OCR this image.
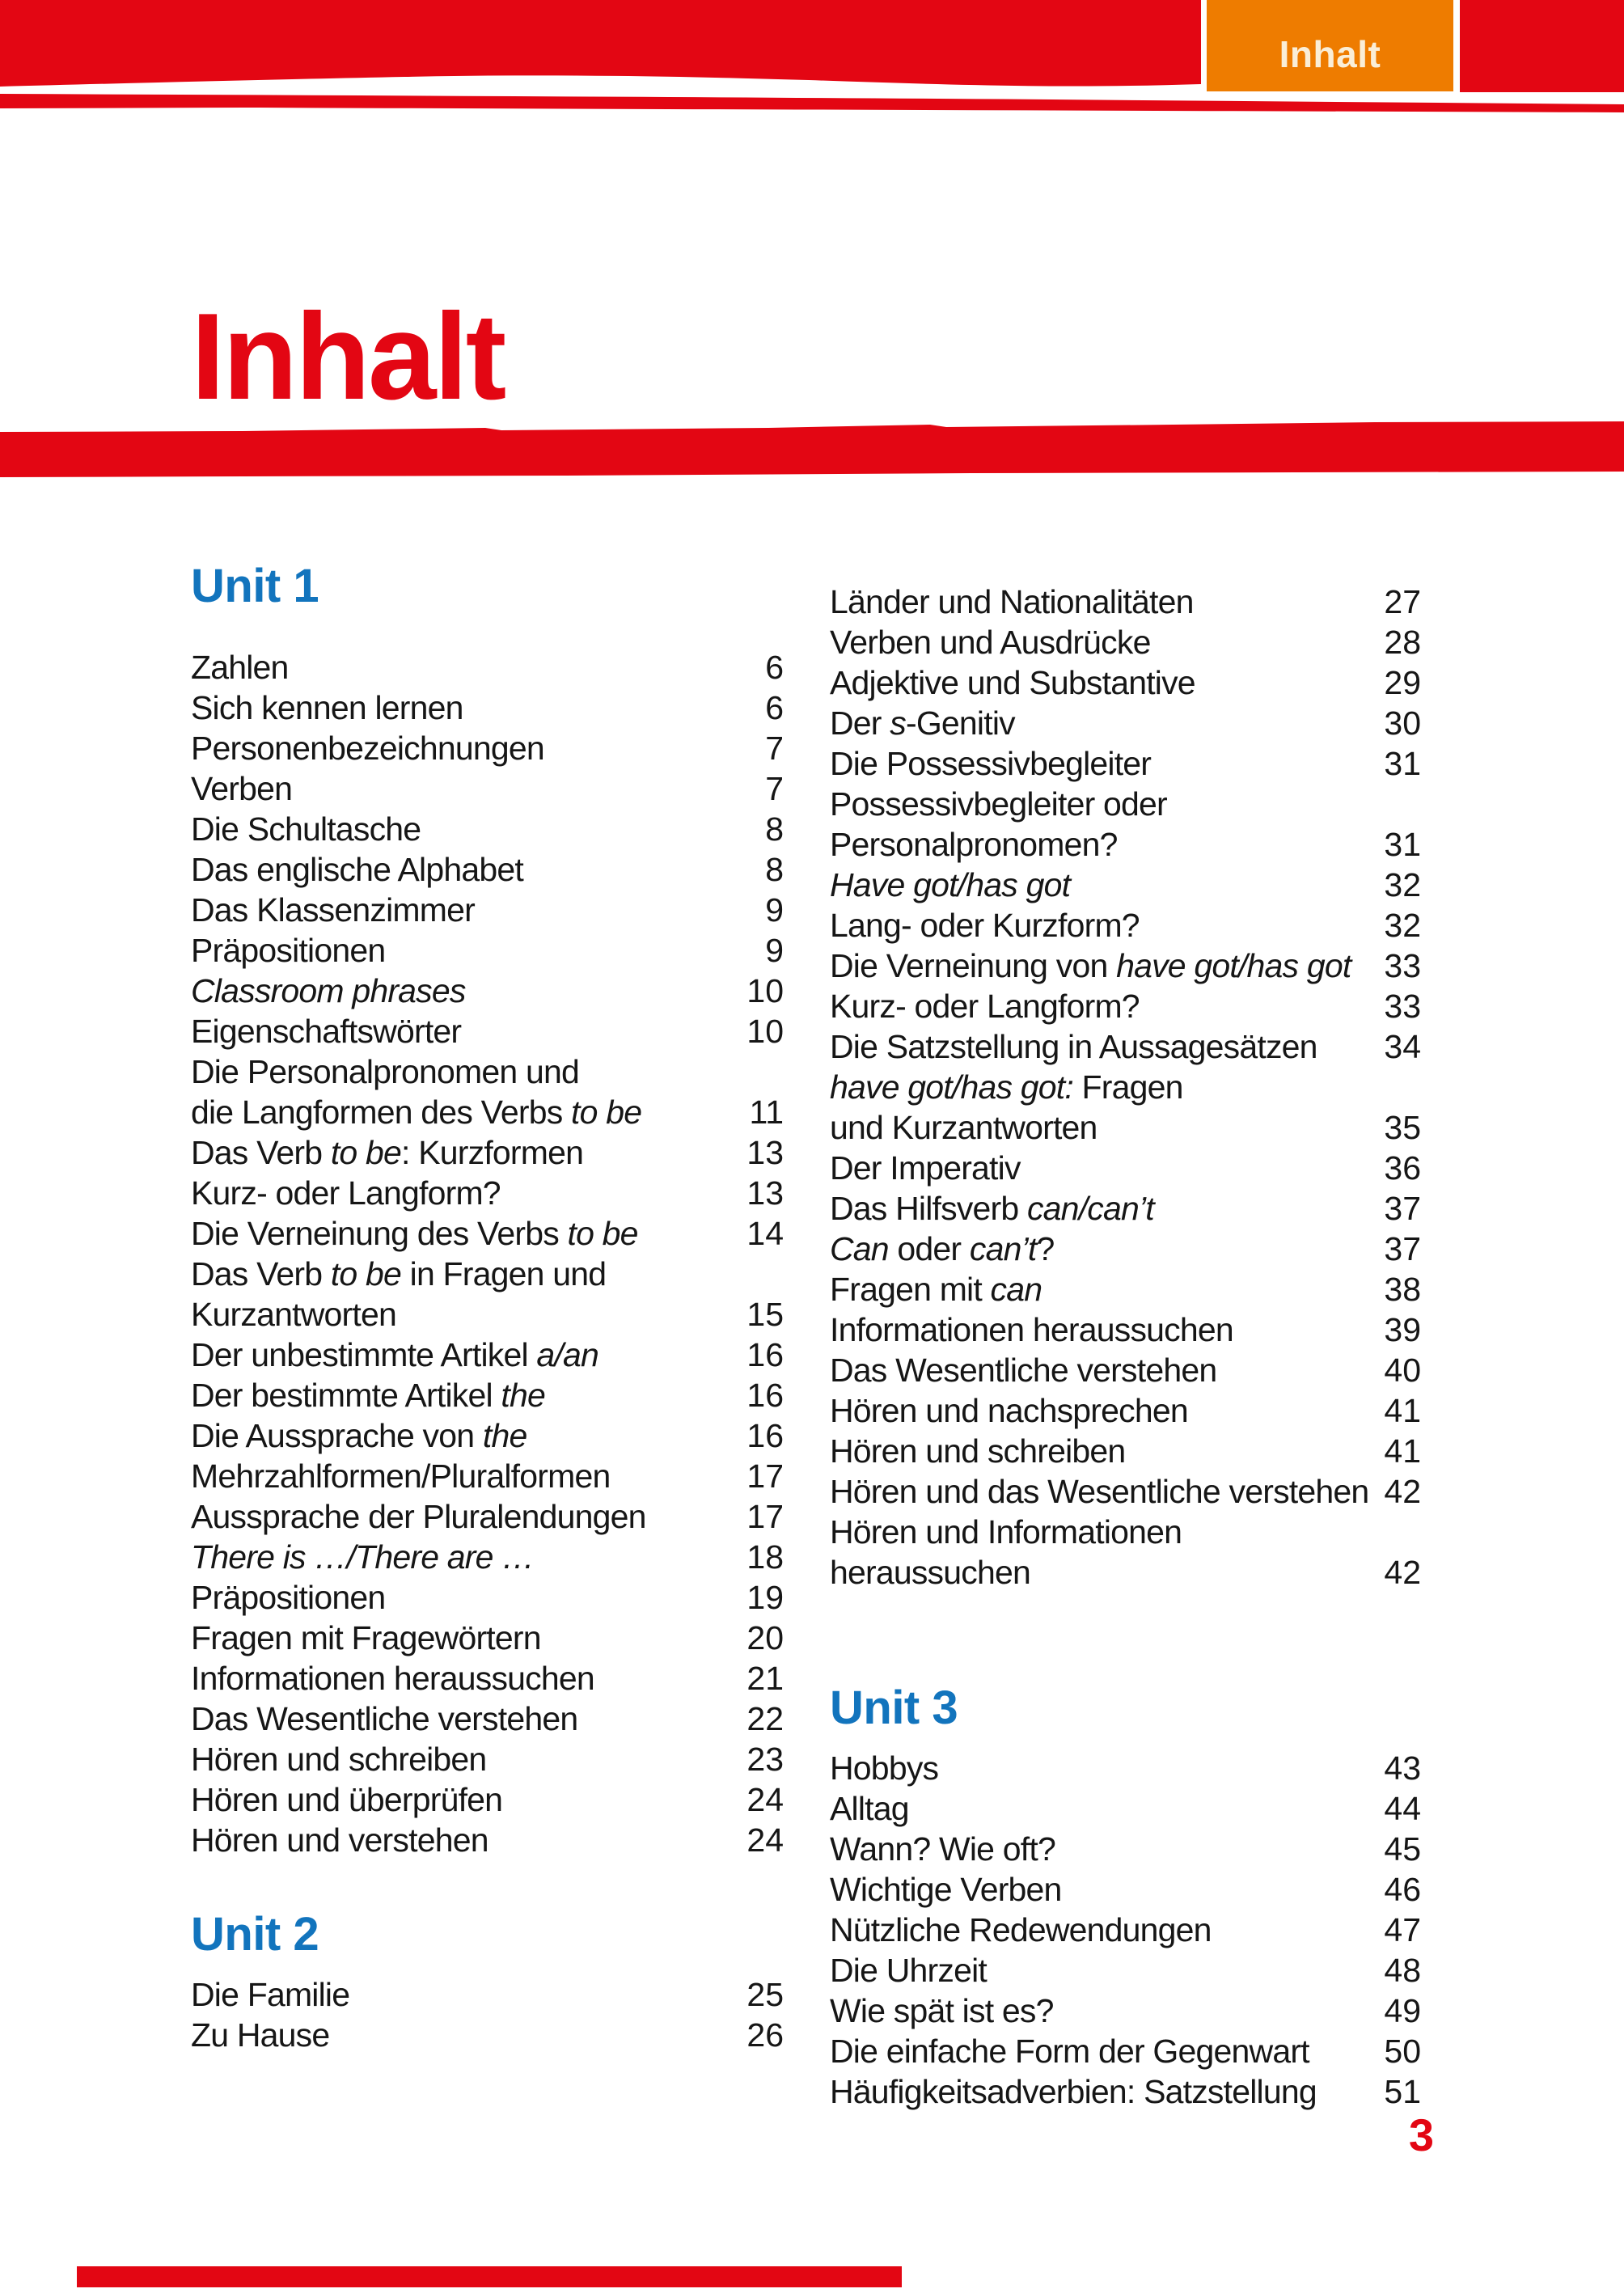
Inhalt
Inhalt
Unit 1
Zahlen	6
Sich kennen lernen	6
Personenbezeichnungen	7
Verben	7
Die Schultasche	8
Das englische Alphabet	8
Das Klassenzimmer	9
Präpositionen	9
Classroom phrases	10
Eigenschaftswörter	10
Die Personalpronomen und
die Langformen des Verbs to be	11
Das Verb to be: Kurzformen	13
Kurz- oder Langform?	13
Die Verneinung des Verbs to be	14
Das Verb to be in Fragen und
Kurzantworten	15
Der unbestimmte Artikel a/an	16
Der bestimmte Artikel the	16
Die Aussprache von the	16
Mehrzahlformen/Pluralformen	17
Aussprache der Pluralendungen	17
There is …/There are …	18
Präpositionen	19
Fragen mit Fragewörtern	20
Informationen heraussuchen	21
Das Wesentliche verstehen	22
Hören und schreiben	23
Hören und überprüfen	24
Hören und verstehen	24
Unit 2
Die Familie	25
Zu Hause	26
Länder und Nationalitäten	27
Verben und Ausdrücke	28
Adjektive und Substantive	29
Der s-Genitiv	30
Die Possessivbegleiter	31
Possessivbegleiter oder
Personalpronomen?	31
Have got/has got	32
Lang- oder Kurzform?	32
Die Verneinung von have got/has got 33
Kurz- oder Langform?	33
Die Satzstellung in Aussagesätzen 34
have got/has got: Fragen
und Kurzantworten	35
Der Imperativ	36
Das Hilfsverb can/can’t	37
Can oder can’t?	37
Fragen mit can	38
Informationen heraussuchen	39
Das Wesentliche verstehen	40
Hören und nachsprechen	41
Hören und schreiben	41
Hören und das Wesentliche verstehen 42
Hören und Informationen
heraussuchen	42
Unit 3
Hobbys	43
Alltag	44
Wann? Wie oft?	45
Wichtige Verben	46
Nützliche Redewendungen	47
Die Uhrzeit	48
Wie spät ist es?	49
Die einfache Form der Gegenwart 50
Häufigkeitsadverbien: Satzstellung 51
3
